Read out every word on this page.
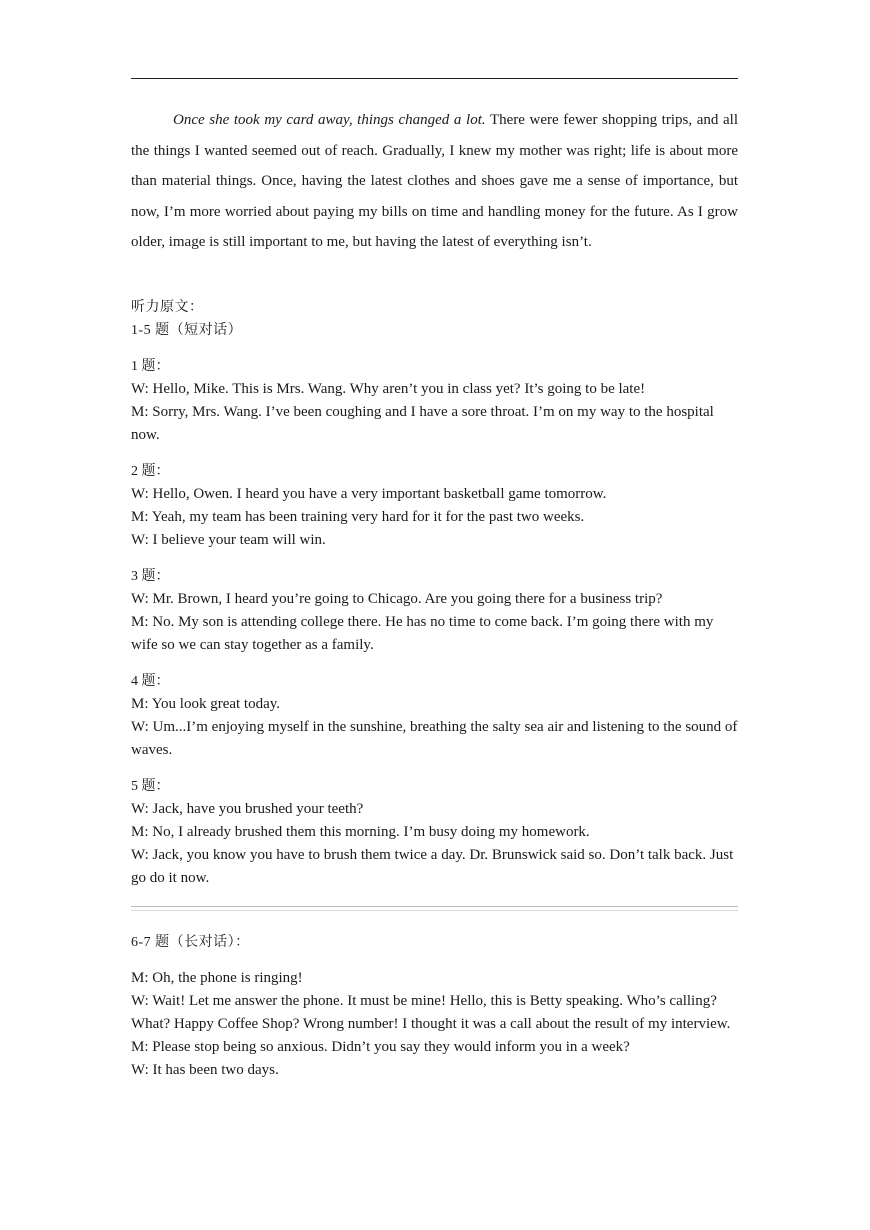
Once she took my card away, things changed a lot. There were fewer shopping trips, and all the things I wanted seemed out of reach. Gradually, I knew my mother was right; life is about more than material things. Once, having the latest clothes and shoes gave me a sense of importance, but now, I’m more worried about paying my bills on time and handling money for the future. As I grow older, image is still important to me, but having the latest of everything isn’t.

听力原文：

1-5 题（短对话）

1 题：

W: Hello, Mike. This is Mrs. Wang. Why aren’t you in class yet? It’s going to be late!

M: Sorry, Mrs. Wang. I’ve been coughing and I have a sore throat. I’m on my way to the hospital now.

2 题：

W: Hello, Owen. I heard you have a very important basketball game tomorrow.

M: Yeah, my team has been training very hard for it for the past two weeks.

W: I believe your team will win.

3 题：

W: Mr. Brown, I heard you’re going to Chicago. Are you going there for a business trip?

M: No. My son is attending college there. He has no time to come back. I’m going there with my wife so we can stay together as a family.

4 题：

M: You look great today.

W: Um...I’m enjoying myself in the sunshine, breathing the salty sea air and listening to the sound of waves.

5 题：

W: Jack, have you brushed your teeth?

M: No, I already brushed them this morning. I’m busy doing my homework.

W: Jack, you know you have to brush them twice a day. Dr. Brunswick said so. Don’t talk back. Just go do it now.

6-7 题（长对话）：

M: Oh, the phone is ringing!

W: Wait! Let me answer the phone. It must be mine! Hello, this is Betty speaking. Who’s calling? What? Happy Coffee Shop? Wrong number! I thought it was a call about the result of my interview.

M: Please stop being so anxious. Didn’t you say they would inform you in a week?

W: It has been two days.
